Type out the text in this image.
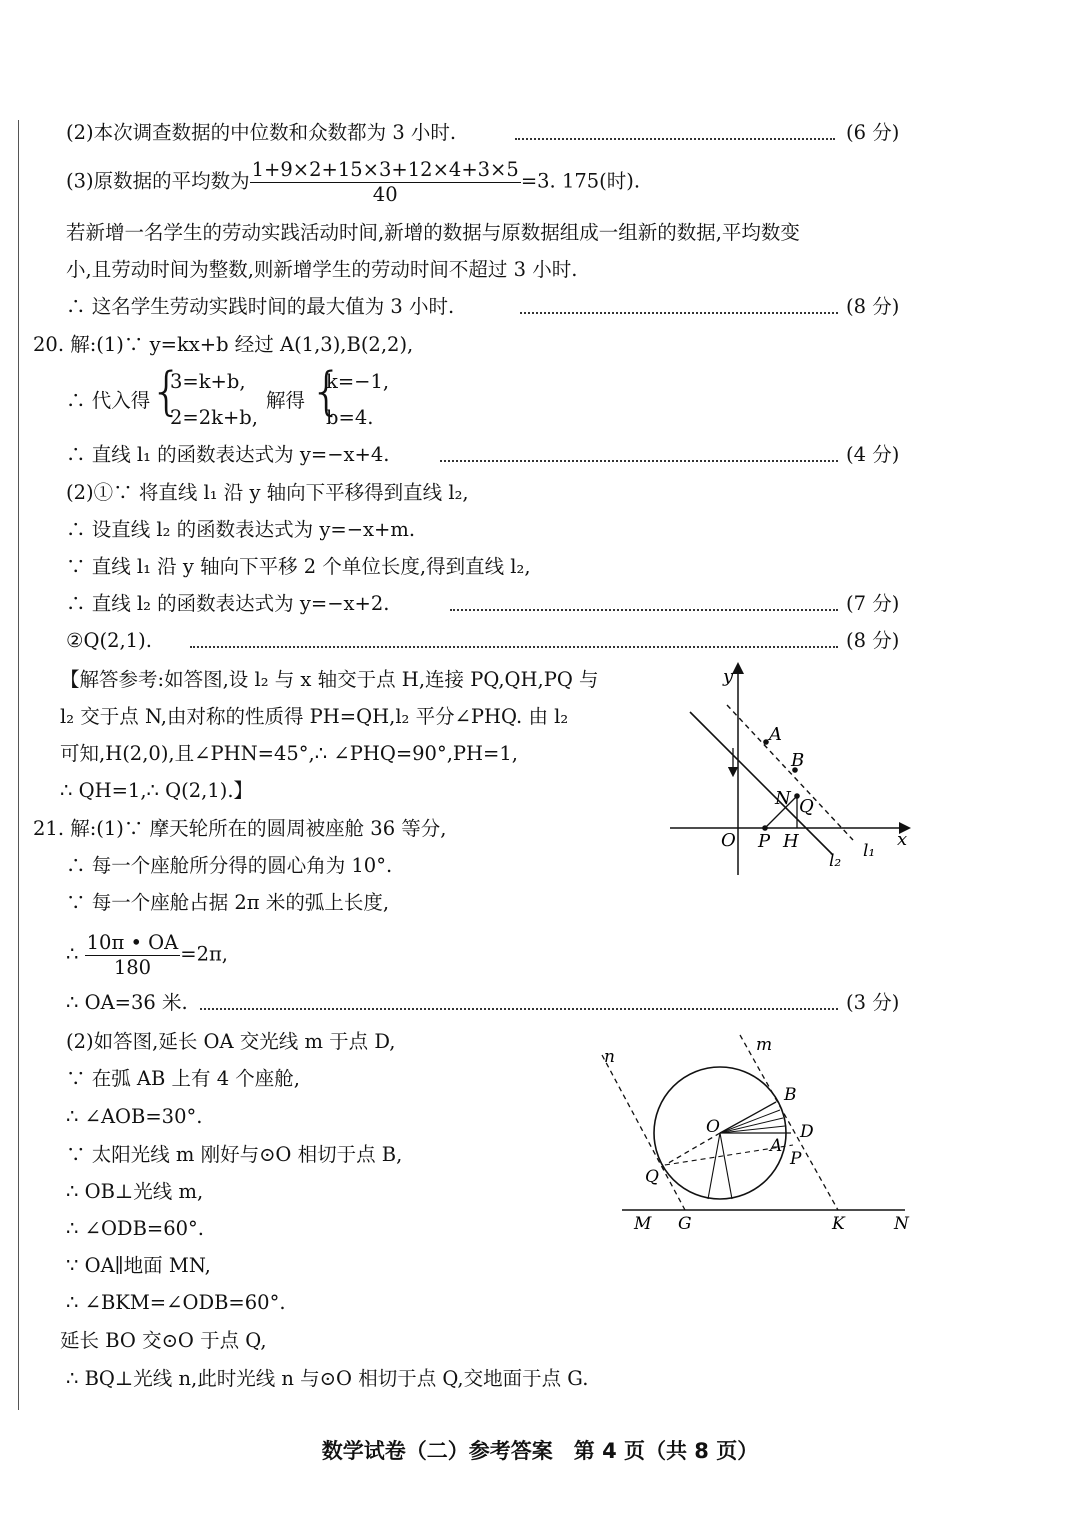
(2)本次调查数据的中位数和众数都为 3 小时.	(6 分)
(3)原数据的平均数为 $\frac{1+9\times 2+15\times 3+12\times 4+3\times 5}{40} =3$. 175(时).
若新增一名学生的劳动实践活动时间,新增的数据与原数据组成一组新的数据,平均数变
小,且劳动时间为整数,则新增学生的劳动时间不超过 3 小时.
∴ 这名学生劳动实践时间的最大值为 3 小时.	(8 分)
20. 解:(1)∵ y=kx+b 经过 A(1,3),B(2,2),
∴ 代入得 {
3=k+b,
2=2k+b,
解得 {
k=−1,
b=4.
∴ 直线 l₁ 的函数表达式为 y=−x+4.	(4 分)
(2)①∵ 将直线 l₁ 沿 y 轴向下平移得到直线 l₂,
∴ 设直线 l₂ 的函数表达式为 y=−x+m.
∵ 直线 l₁ 沿 y 轴向下平移 2 个单位长度,得到直线 l₂,
∴ 直线 l₂ 的函数表达式为 y=−x+2.	(7 分)
②Q(2,1).	(8 分)
【解答参考:如答图,设 l₂ 与 x 轴交于点 H,连接 PQ,QH,PQ 与
l₂ 交于点 N,由对称的性质得 PH=QH,l₂ 平分∠PHQ. 由 l₂
可知,H(2,0),且∠PHN=45°,∴ ∠PHQ=90°,PH=1,
∴ QH=1,∴ Q(2,1).】
y
x
O
A
B
N Q
P H	l₁
l₂
21. 解:(1)∵ 摩天轮所在的圆周被座舱 36 等分,
∴ 每一个座舱所分得的圆心角为 10°.
∵ 每一个座舱占据 2π 米的弧上长度,
∴ $\frac{10\pi • OA}{180} =2\pi$,
∴ OA=36 米.	(3 分)
(2)如答图,延长 OA 交光线 m 于点 D,
∵ 在弧 AB 上有 4 个座舱,
∴ ∠AOB=30°.
∵ 太阳光线 m 刚好与⊙O 相切于点 B,
∴ OB⊥光线 m,
∴ ∠ODB=60°.
∵ OA∥地面 MN,
∴ ∠BKM=∠ODB=60°.
延长 BO 交⊙O 于点 Q,
∴ BQ⊥光线 n,此时光线 n 与⊙O 相切于点 Q,交地面于点 G.
n
m
B
O	D
A
P
Q
M G	K	N
数学试卷（二）参考答案　第 4 页（共 8 页）
